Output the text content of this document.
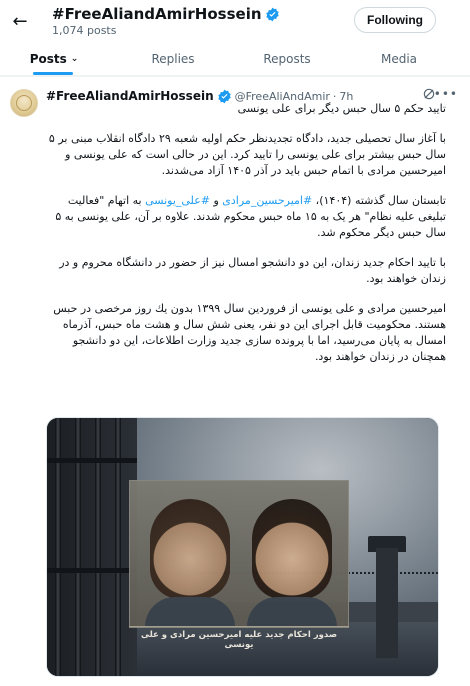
← #FreeAliandAmirHossein
1,074 posts
Following
Posts ⌄	Replies	Reposts	Media
#FreeAliandAmirHossein @FreeAliAndAmir · 7h	•••

تایید حکم ۵ سال حبس دیگر برای علی یونسی

با آغاز سال تحصیلی جدید، دادگاه تجدیدنظر حکم اولیه شعبه ۲۹ دادگاه انقلاب مبنی بر ۵ سال حبس بیشتر برای علی یونسی را تایید کرد. این در حالی است که علی یونسی و امیرحسین مرادی با اتمام حبس باید در آذر ۱۴۰۵ آزاد می‌شدند.

تابستان سال گذشته (۱۴۰۴)، #امیرحسین_مرادی و #علی_یونسی به اتهام "فعالیت تبلیغی علیه نظام" هر یک به ۱۵ ماه حبس محکوم شدند. علاوه بر آن، علی یونسی به ۵ سال حبس دیگر محکوم شد.

با تایید احکام جدید زندان، این دو دانشجو امسال نیز از حضور در دانشگاه محروم و در زندان خواهند بود.

امیرحسین مرادی و علی یونسی از فروردین سال ۱۳۹۹ بدون یك روز مرخصی در حبس هستند. محکومیت قابل اجرای این دو نفر، یعنی شش سال و هشت ماه حبس، آذرماه امسال به پایان می‌رسید، اما با پرونده سازی جدید وزارت اطلاعات، این دو دانشجو همچنان در زندان خواهند بود.

صدور احکام جدید علیه امیرحسین مرادی و علی یونسی
